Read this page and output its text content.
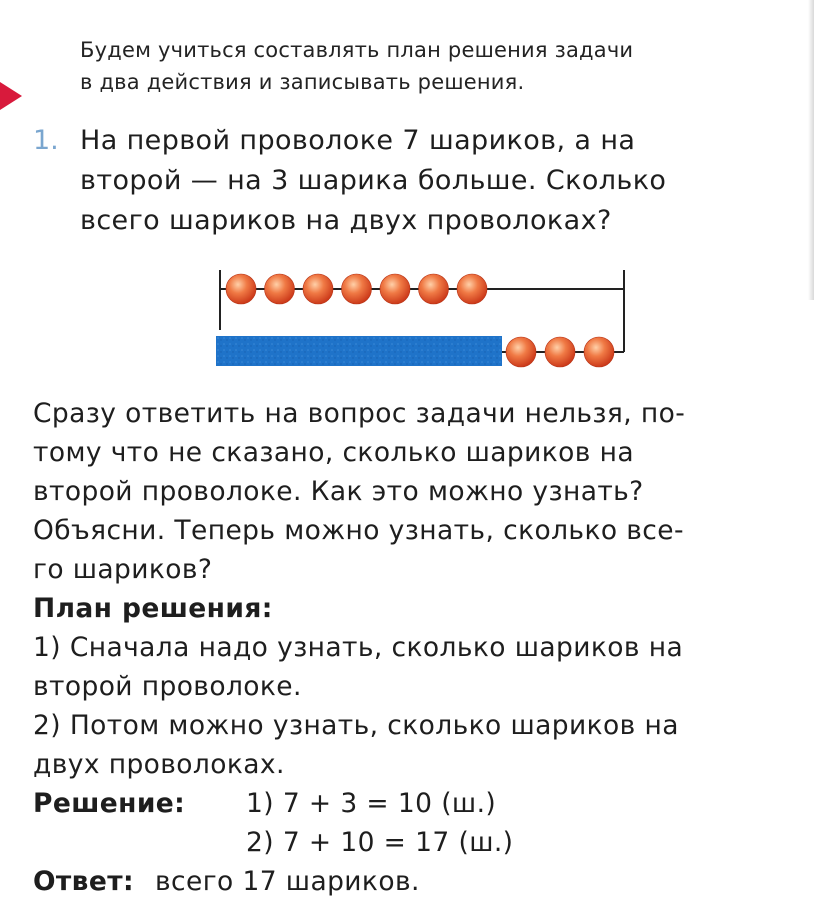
Будем учиться составлять план решения задачи
в два действия и записывать решения.
1. На первой проволоке 7 шариков, а на
второй — на 3 шарика больше. Сколько
всего шариков на двух проволоках?
Сразу ответить на вопрос задачи нельзя, по-
тому что не сказано, сколько шариков на
второй проволоке. Как это можно узнать?
Объясни. Теперь можно узнать, сколько все-
го шариков?
План решения:
1) Сначала надо узнать, сколько шариков на
второй проволоке.
2) Потом можно узнать, сколько шариков на
двух проволоках.
Решение: 1) 7 + 3 = 10 (ш.)
2) 7 + 10 = 17 (ш.)
Ответ: всего 17 шариков.
